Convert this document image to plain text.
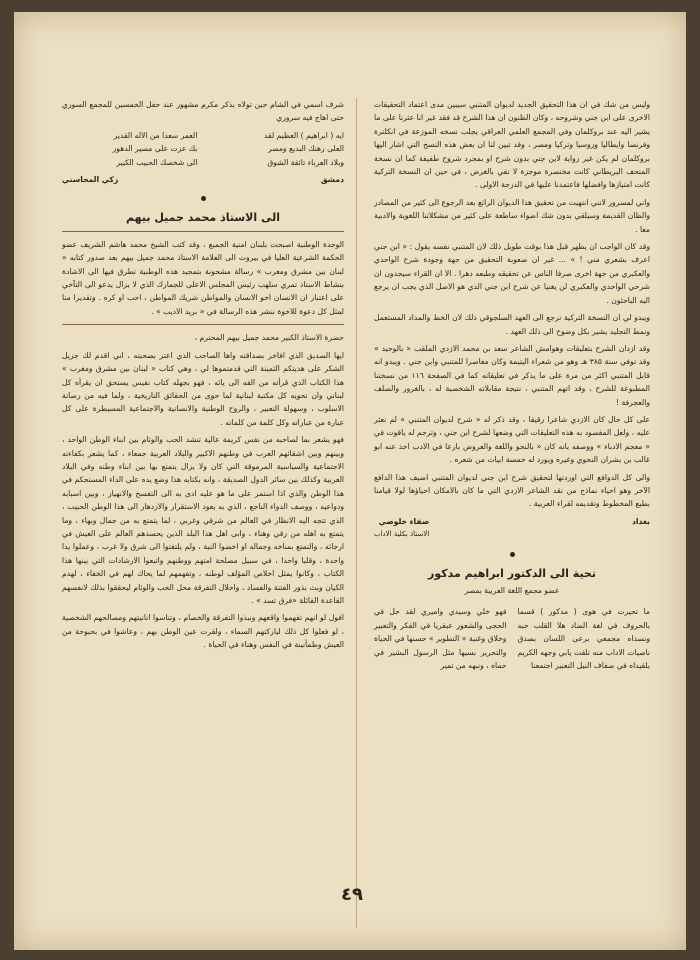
وليس من شك في ان هذا التحقيق الجديد لديوان المتنبي سيبين مدى اعتماد التحقيقات الاخرى على ابن جني وشروحه ، وكان الظنون ان هذا الشرح قد فقد غير انا عثرنا على ما يشير اليه عند بروكلمان وفي المجمع العلمي العراقي يجلب نسخه الموزعة في انكلترة وفرنسا وايطاليا وروسيا وتركيا ومصر ، وقد تبين لنا ان بعض هذه النسخ التي اشار اليها بروكلمان لم يكن غير رواية لابن جني بدون شرح او بمجرد شروح طفيفة كما ان نسخة المتحف البريطاني كانت مختصرة موجزة لا تفي بالغرض ، في حين ان النسخة التركية كانت امتيازها وافضلها فاعتمدنا عليها في الدرجة الاولى .

واني لمسرور لانني انتهيت من تحقيق هذا الديوان الرائع بعد الرجوع الى كثير من المصادر والظان القديمة وسيلقي بدون شك اضواء ساطعة على كثير من مشكلاتنا اللغوية والادبية معا .

وقد كان الواجب ان يظهر قبل هذا بوقت طويل ذلك لان المتنبي نفسه يقول : « ابن جني اعرف بشعري مني ! » ... غير ان صعوبة التحقيق من جهة وجودة شرح الواحدي والعكبري من جهة اخرى صرفا الناس عن تحقيقه وطبعه دهرا . الا ان القراء سيجدون ان شرحي الواحدي والعكبري لن يغنيا عن شرح ابن جني الذي هو الاصل الذي يجب ان يرجع اليه الباحثون .

ويبدو لي ان النسخة التركية ترجع الى العهد السلجوقي ذلك لان الخط والمداد المستعمل ونمط التجليد يشير بكل وضوح الى ذلك العهد .

وقد ازدان الشرح بتعليقات وهوامش الشاعر سعد بن محمد الازدي الملقب « بالوحيد » وقد توفي سنة ٣٨٥ هـ وهو من شعراء اليتيمة وكان معاصرا للمتنبي وابن جني . ويبدو انه قابل المتنبي اكثر من مرة على ما يذكر في تعليقاته كما في الصفحة ١١٦ من نسختنا المطبوعة للشرح ، وقد اتهم المتنبي ، نتيجة مقابلاته الشخصية له ، بالغرور والصلف والعجرفة !

على كل حال كان الازدي شاعرا رقيقا ، وقد ذكر له « شرح لديوان المتنبي » لم نعثر عليه ، ولعل المقصود به هذه التعليقات التي وضعها لشرح ابن جني ، وترجم له ياقوت في « معجم الادباء » ووصفه بانه كان « بالنحو واللغة والعروض بارعا في الادب اخذ عنه ابو غالب بن بشران النحوي وغيره ويورد له خمسة ابيات من شعره .

والى كل الدوافع التي اوردتها لتحقيق شرح ابن جني لديوان المتنبي اضيف هذا الدافع الآخر وهو احياء نماذج من نقد الشاعر الازدي التي ما كان بالامكان احياؤها لولا قيامنا بطبع المخطوط وتقديمه لقراء العربية .

بغداد
صفاء خلوصي
الاستاذ بكلية الاداب
تحية الى الدكتور ابراهيم مدكور
عضو مجمع اللغة العربية بمصر
ما تحيرت في هوى ( مدكور ) قسما بالحروف في لغة الضاد هلا القلب حبه ونسداه مجمعي برعى اللسان بصدق ناصيات الاداب منه تلقت يابي وجهه الكريم بلقيداه في صفاف النيل التعبير اجتمعنا
فهو خلي وسيدي واميري لقد حل في الحجى والشعور عبقريا في الفكر والتعبير وخلاق وغنية « التطوير » حسنها في الحياة والتحرير بسيها مثل الرسول البشير في حماه ، ونبهه من تمير

شرف اسمي في الشام حين تولاه بذكر مكرم مشهور عند حفل الخمسين للمجمع السوري حتى اهاج فيه سروري

ايه ( ابراهيم ) العظيم لقد
العمر سعدا من الاله القدير
العلى رهنك البديع ومصر
بك عزت على مسير الدهور
وبلاد العرباء تائقة الشوق
الى شخصك الحبيب الكبير
دمشق
زكي المحاسني
الى الاستاذ محمد جميل بيهم

الوحدة الوطنية اصبحت بلبنان امنية الجميع ، وقد كتب الشيخ محمد هاشم الشريف عضو الحكمة الشرعية العليا في بيروت الى العلامة الاستاذ محمد جميل بيهم بعد صدور كتابه « لبنان بين مشرق ومغرب » رسالة مشحونة بتمجيد هذه الوطنية تطرق فيها الى الاشادة بنشاط الاستاذ تمري سلهب رئيس المجلس الاعلى للجمارك الذي لا يزال يدعو الى التآخي على اعتبار ان الانسان اخو الانسان والمواطن شريك المواطن ، احب او كره . وتقديرا منا لمثل كل دعوة للاخوة ننشر هذه الرسالة في « بريد الاديب » .

حضرة الاستاذ الكبير محمد جميل بيهم المحترم ،

ايها الصديق الذي افاخر بصداقته واها الصاحب الذي اعتز بصحبته ، اني اقدم لك جزيل الشكر على هديتكم الثمينة التي قدمتموها لي ، وهي كتاب « لبنان بين مشرق ومغرب » هذا الكتاب الذي قرأته من الفه الى يائه ، فهو بجهله كتاب نفيس يستحق ان يقرأه كل لبناني وان تحويه كل مكتبة لبنانية لما حوى من الحقائق التاريخية ، ولما فيه من رصانة الاسلوب ، وسهولة التعبير ، والروح الوطنية والانسانية والاجتماعية المسيطرة على كل عبارة من عباراته وكل كلمة من كلماته .

فهو يشعر بما لصاحبه من نفس كريمة عالية تنشد الحب والوئام بين ابناء الوطن الواحد ، وبينهم وبين اشقائهم العرب في وطنهم الاكبير والبلاد العربية جمعاء ، كما يشعر بكفاءته الاجتماعية والسياسية المرموقة التي كان ولا يزال يتمتع بها بين ابناء وطنه وفي البلاد العربية وكذلك بين سائر الدول الصديقة ، وانه بكتابه هذا وضع يده على الداء المستحكم في هذا الوطن والذي اذا استمر على ما هو عليه ادى به الى التفسخ والانهيار ، وبين اسبابه ودواعيه ، ووصف الدواء الناجع ، الذي به يعود الاستقرار والازدهار الى هذا الوطن الحبيب ، الذي تتجه اليه الانظار في العالم من شرقي وغربي ، لما يتمتع به من جمال وبهاء ، وما يتمتع به اهله من رقي وهناء ، وابى اهل هذا البلد الذين يحسدهم العالم على العيش في ارجائه ، والتمتع بمناخه وجماله او اخضوا النية ، ولم يلتفتوا الى شرق ولا غرب ، وعملوا يدا واحدة ، وقلبا واحدا ، في سبيل مصلحة امتهم ووطنهم واتبعوا الارشادات التي بينها هذا الكتاب ، وكانوا يمثل اخلاص المؤلف لوطنه ، وتفهمهم لما يحاك لهم في الخفاء ، لهدم الكيان وبث بذور الفتنة والفساد ، واحلال التفرقة محل الحب والوئام ليحققوا بذلك لانفسهم القاعدة القائلة «فرق تسد » .

افول لو انهم تفهموا واقعهم ونبذوا التفرقة والخصام ، وتناسوا انانيتهم ومصالحهم الشخصية ، لو فعلوا كل ذلك لباركتهم السماء ، ولقرت عين الوطن بهم ، وعاشوا في بحبوحة من العيش وطمأنينة في النفس وهناء في الحياة .

٤٩
